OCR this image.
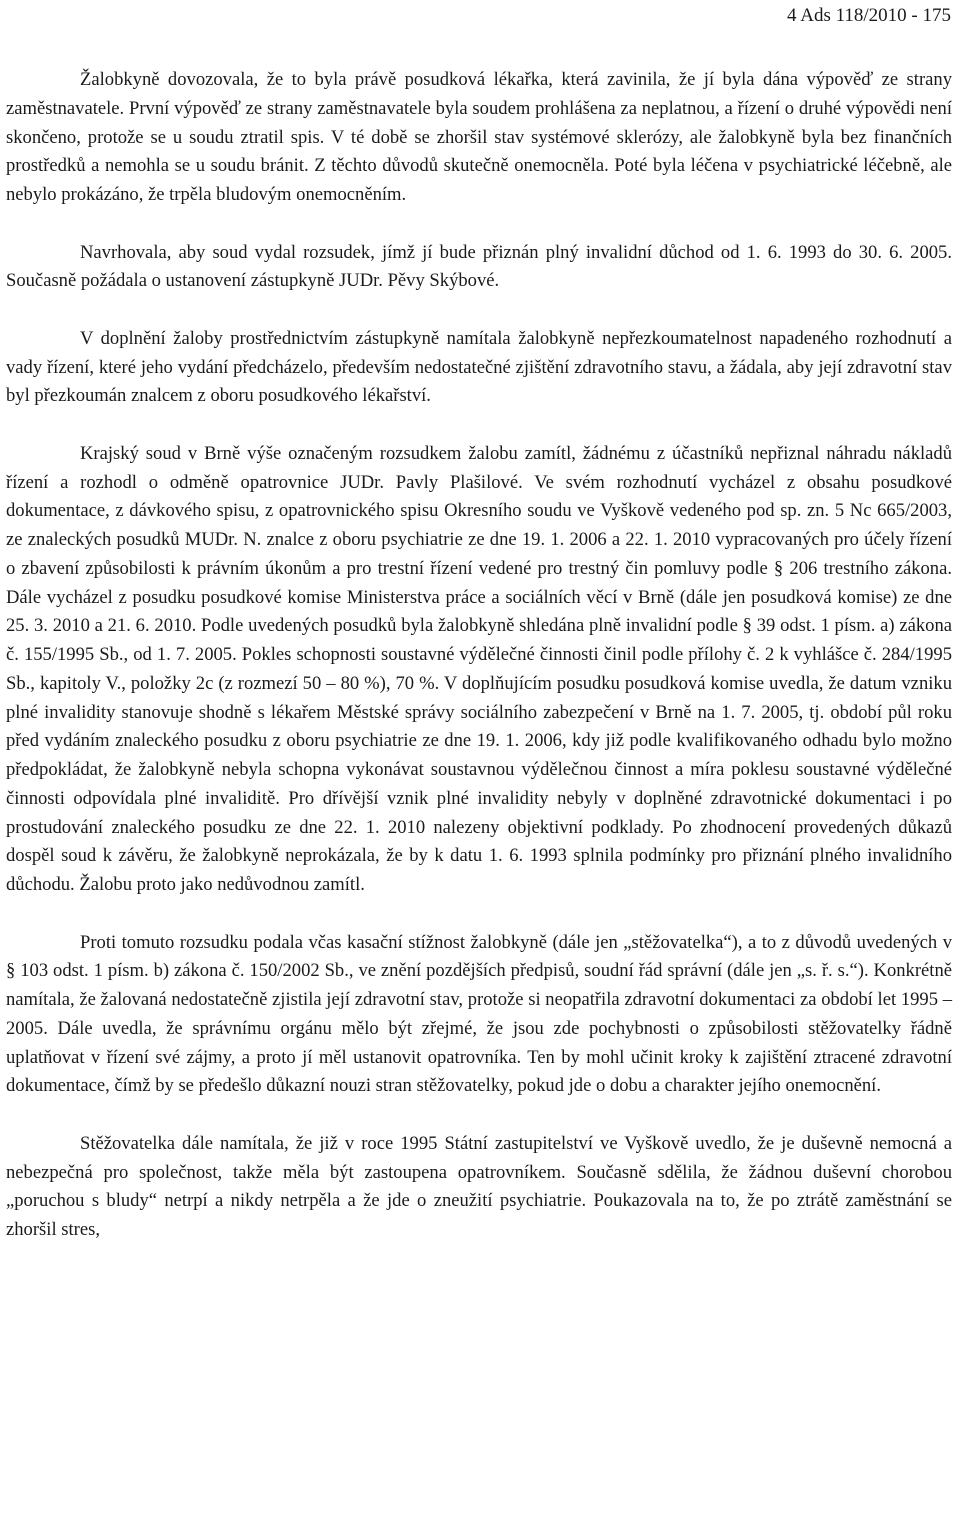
4 Ads 118/2010 - 175

Žalobkyně dovozovala, že to byla právě posudková lékařka, která zavinila, že jí byla dána výpověď ze strany zaměstnavatele. První výpověď ze strany zaměstnavatele byla soudem prohlášena za neplatnou, a řízení o druhé výpovědi není skončeno, protože se u soudu ztratil spis. V té době se zhoršil stav systémové sklerózy, ale žalobkyně byla bez finančních prostředků a nemohla se u soudu bránit. Z těchto důvodů skutečně onemocněla. Poté byla léčena v psychiatrické léčebně, ale nebylo prokázáno, že trpěla bludovým onemocněním.

Navrhovala, aby soud vydal rozsudek, jímž jí bude přiznán plný invalidní důchod od 1. 6. 1993 do 30. 6. 2005. Současně požádala o ustanovení zástupkyně JUDr. Pěvy Skýbové.

V doplnění žaloby prostřednictvím zástupkyně namítala žalobkyně nepřezkoumatelnost napadeného rozhodnutí a vady řízení, které jeho vydání předcházelo, především nedostatečné zjištění zdravotního stavu, a žádala, aby její zdravotní stav byl přezkoumán znalcem z oboru posudkového lékařství.

Krajský soud v Brně výše označeným rozsudkem žalobu zamítl, žádnému z účastníků nepřiznal náhradu nákladů řízení a rozhodl o odměně opatrovnice JUDr. Pavly Plašilové. Ve svém rozhodnutí vycházel z obsahu posudkové dokumentace, z dávkového spisu, z opatrovnického spisu Okresního soudu ve Vyškově vedeného pod sp. zn. 5 Nc 665/2003, ze znaleckých posudků MUDr. N. znalce z oboru psychiatrie ze dne 19. 1. 2006 a 22. 1. 2010 vypracovaných pro účely řízení o zbavení způsobilosti k právním úkonům a pro trestní řízení vedené pro trestný čin pomluvy podle § 206 trestního zákona. Dále vycházel z posudku posudkové komise Ministerstva práce a sociálních věcí v Brně (dále jen posudková komise) ze dne 25. 3. 2010 a 21. 6. 2010. Podle uvedených posudků byla žalobkyně shledána plně invalidní podle § 39 odst. 1 písm. a) zákona č. 155/1995 Sb., od 1. 7. 2005. Pokles schopnosti soustavné výdělečné činnosti činil podle přílohy č. 2 k vyhlášce č. 284/1995 Sb., kapitoly V., položky 2c (z rozmezí 50 – 80 %), 70 %. V doplňujícím posudku posudková komise uvedla, že datum vzniku plné invalidity stanovuje shodně s lékařem Městské správy sociálního zabezpečení v Brně na 1. 7. 2005, tj. období půl roku před vydáním znaleckého posudku z oboru psychiatrie ze dne 19. 1. 2006, kdy již podle kvalifikovaného odhadu bylo možno předpokládat, že žalobkyně nebyla schopna vykonávat soustavnou výdělečnou činnost a míra poklesu soustavné výdělečné činnosti odpovídala plné invaliditě. Pro dřívější vznik plné invalidity nebyly v doplněné zdravotnické dokumentaci i po prostudování znaleckého posudku ze dne 22. 1. 2010 nalezeny objektivní podklady. Po zhodnocení provedených důkazů dospěl soud k závěru, že žalobkyně neprokázala, že by k datu 1. 6. 1993 splnila podmínky pro přiznání plného invalidního důchodu. Žalobu proto jako nedůvodnou zamítl.

Proti tomuto rozsudku podala včas kasační stížnost žalobkyně (dále jen „stěžovatelka“), a to z důvodů uvedených v § 103 odst. 1 písm. b) zákona č. 150/2002 Sb., ve znění pozdějších předpisů, soudní řád správní (dále jen „s. ř. s.“). Konkrétně namítala, že žalovaná nedostatečně zjistila její zdravotní stav, protože si neopatřila zdravotní dokumentaci za období let 1995 – 2005. Dále uvedla, že správnímu orgánu mělo být zřejmé, že jsou zde pochybnosti o způsobilosti stěžovatelky řádně uplatňovat v řízení své zájmy, a proto jí měl ustanovit opatrovníka. Ten by mohl učinit kroky k zajištění ztracené zdravotní dokumentace, čímž by se předešlo důkazní nouzi stran stěžovatelky, pokud jde o dobu a charakter jejího onemocnění.

Stěžovatelka dále namítala, že již v roce 1995 Státní zastupitelství ve Vyškově uvedlo, že je duševně nemocná a nebezpečná pro společnost, takže měla být zastoupena opatrovníkem. Současně sdělila, že žádnou duševní chorobou „poruchou s bludy“ netrpí a nikdy netrpěla a že jde o zneužití psychiatrie. Poukazovala na to, že po ztrátě zaměstnání se zhoršil stres,
